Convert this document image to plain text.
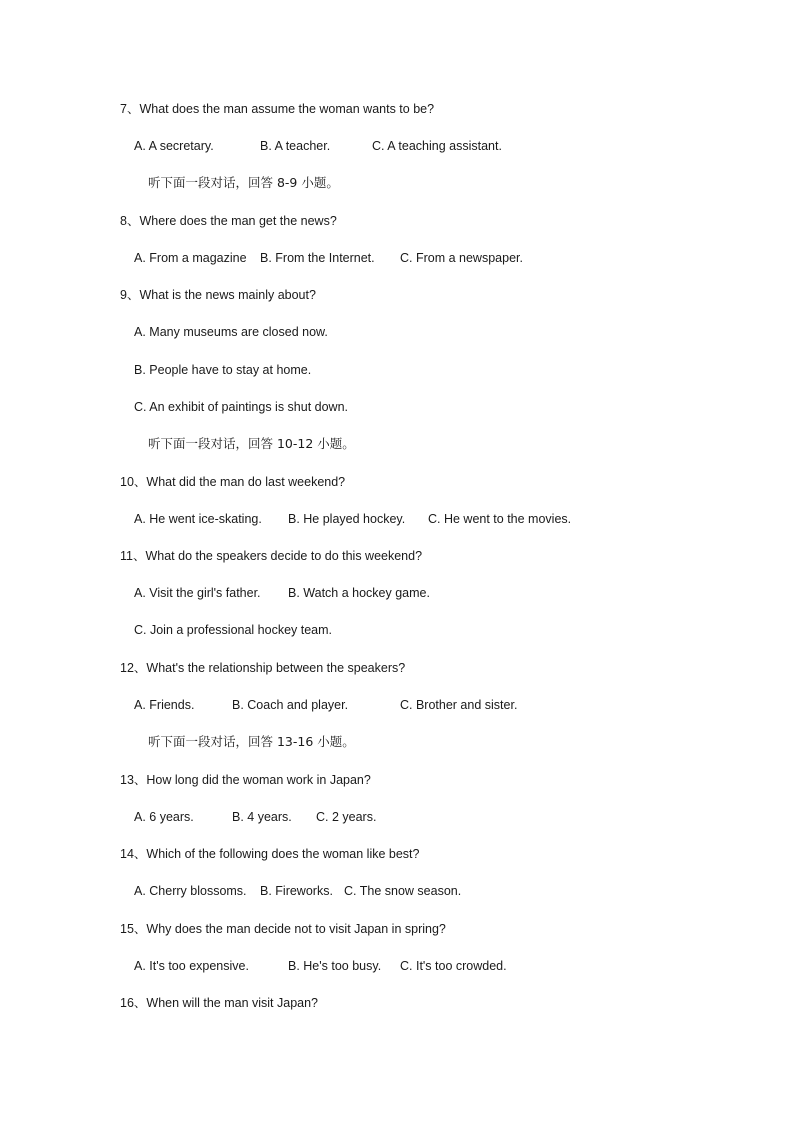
7、What does the man assume the woman wants to be?
A. A secretary.	B. A teacher.	C. A teaching assistant.
听下面一段对话，回答 8-9 小题。
8、Where does the man get the news?
A. From a magazine B. From the Internet. C. From a newspaper.
9、What is the news mainly about?
A. Many museums are closed now.
B. People have to stay at home.
C. An exhibit of paintings is shut down.
听下面一段对话，回答 10-12 小题。
10、What did the man do last weekend?
A. He went ice-skating. B. He played hockey. C. He went to the movies.
11、What do the speakers decide to do this weekend?
A. Visit the girl's father. B. Watch a hockey game.
C. Join a professional hockey team.
12、What's the relationship between the speakers?
A. Friends.	B. Coach and player.	C. Brother and sister.
听下面一段对话，回答 13-16 小题。
13、How long did the woman work in Japan?
A. 6 years.	B. 4 years. C. 2 years.
14、Which of the following does the woman like best?
A. Cherry blossoms. B. Fireworks. C. The snow season.
15、Why does the man decide not to visit Japan in spring?
A. It's too expensive.	B. He's too busy. C. It's too crowded.
16、When will the man visit Japan?
